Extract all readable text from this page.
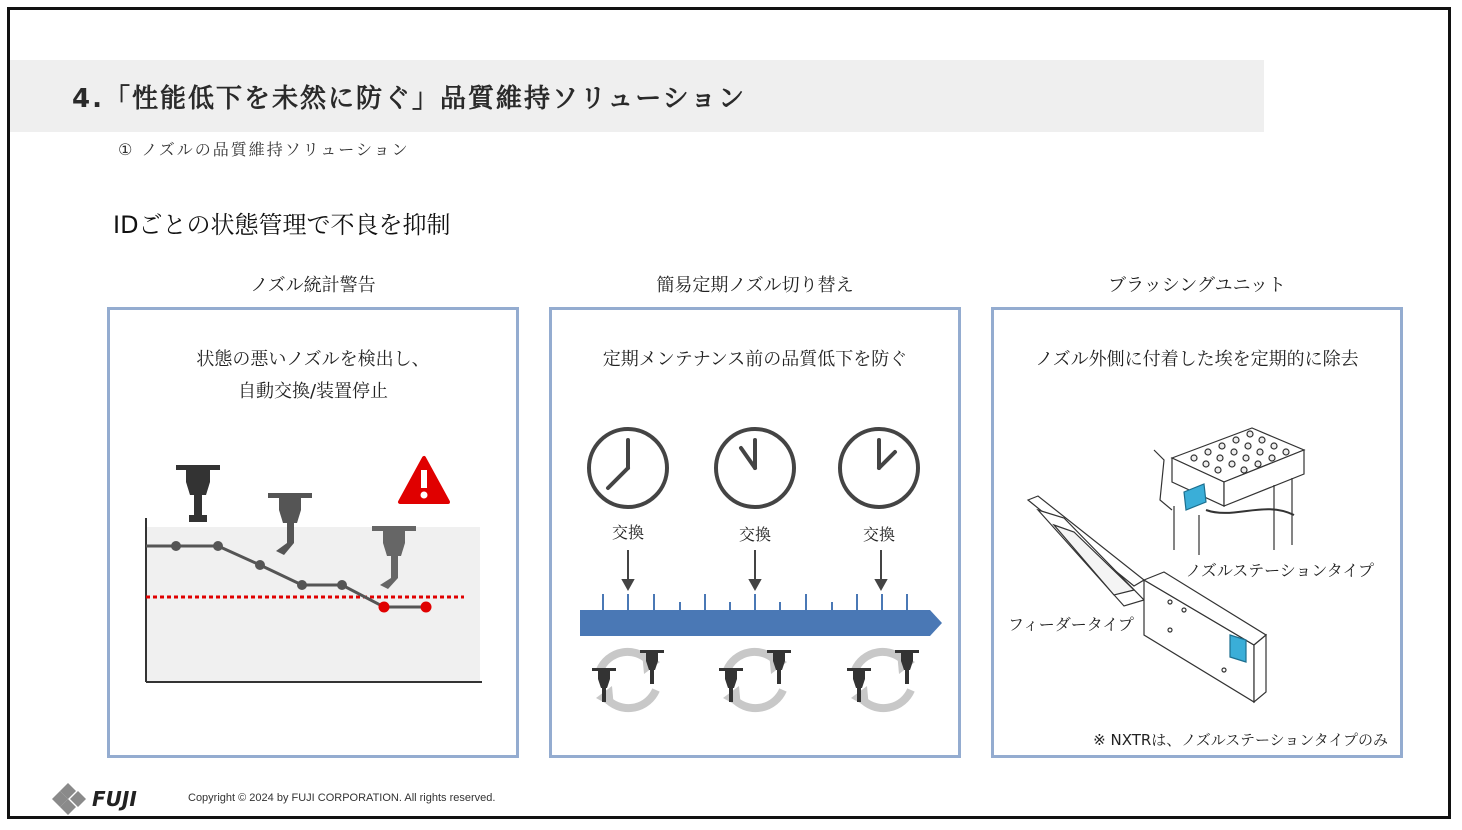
4.「性能低下を未然に防ぐ」品質維持ソリューション
① ノズルの品質維持ソリューション
IDごとの状態管理で不良を抑制
ノズル統計警告	簡易定期ノズル切り替え	ブラッシングユニット
状態の悪いノズルを検出し、
自動交換/装置停止
定期メンテナンス前の品質低下を防ぐ
交換	交換	交換
ノズル外側に付着した埃を定期的に除去
ノズルステーションタイプ
フィーダータイプ
※ NXTRは、ノズルステーションタイプのみ
FUJI	Copyright © 2024 by FUJI CORPORATION. All rights reserved.
